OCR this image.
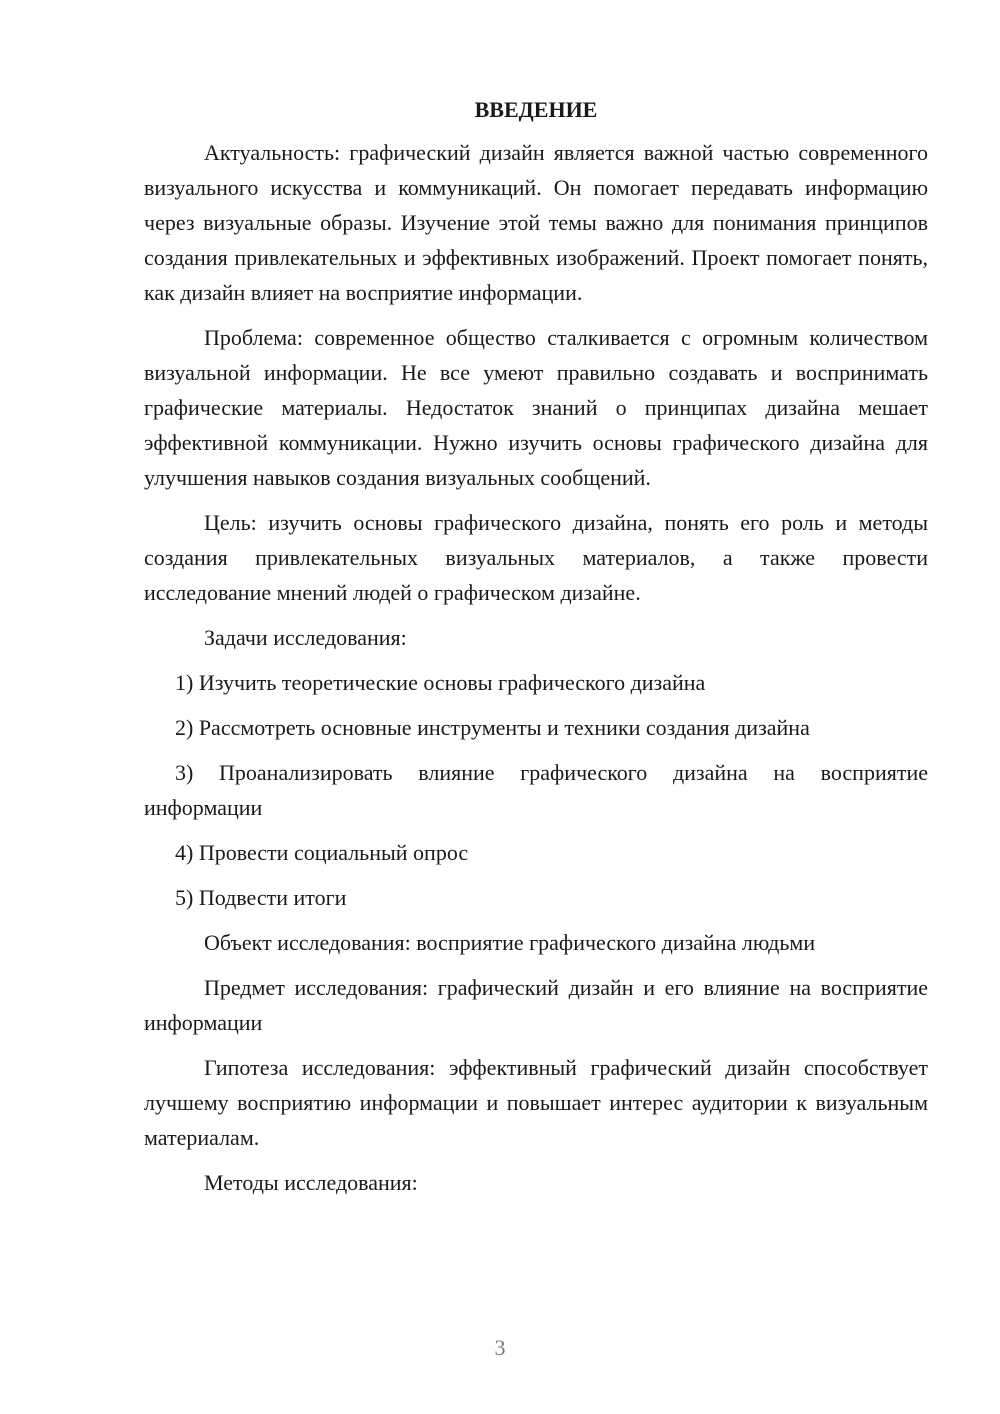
ВВЕДЕНИЕ

Актуальность: графический дизайн является важной частью современного визуального искусства и коммуникаций. Он помогает передавать информацию через визуальные образы. Изучение этой темы важно для понимания принципов создания привлекательных и эффективных изображений. Проект помогает понять, как дизайн влияет на восприятие информации.

Проблема: современное общество сталкивается с огромным количеством визуальной информации. Не все умеют правильно создавать и воспринимать графические материалы. Недостаток знаний о принципах дизайна мешает эффективной коммуникации. Нужно изучить основы графического дизайна для улучшения навыков создания визуальных сообщений.

Цель: изучить основы графического дизайна, понять его роль и методы создания привлекательных визуальных материалов, а также провести исследование мнений людей о графическом дизайне.

Задачи исследования:

1) Изучить теоретические основы графического дизайна

2) Рассмотреть основные инструменты и техники создания дизайна

3) Проанализировать влияние графического дизайна на восприятие информации

4) Провести социальный опрос

5) Подвести итоги

Объект исследования: восприятие графического дизайна людьми

Предмет исследования: графический дизайн и его влияние на восприятие информации

Гипотеза исследования: эффективный графический дизайн способствует лучшему восприятию информации и повышает интерес аудитории к визуальным материалам.

Методы исследования:

3
